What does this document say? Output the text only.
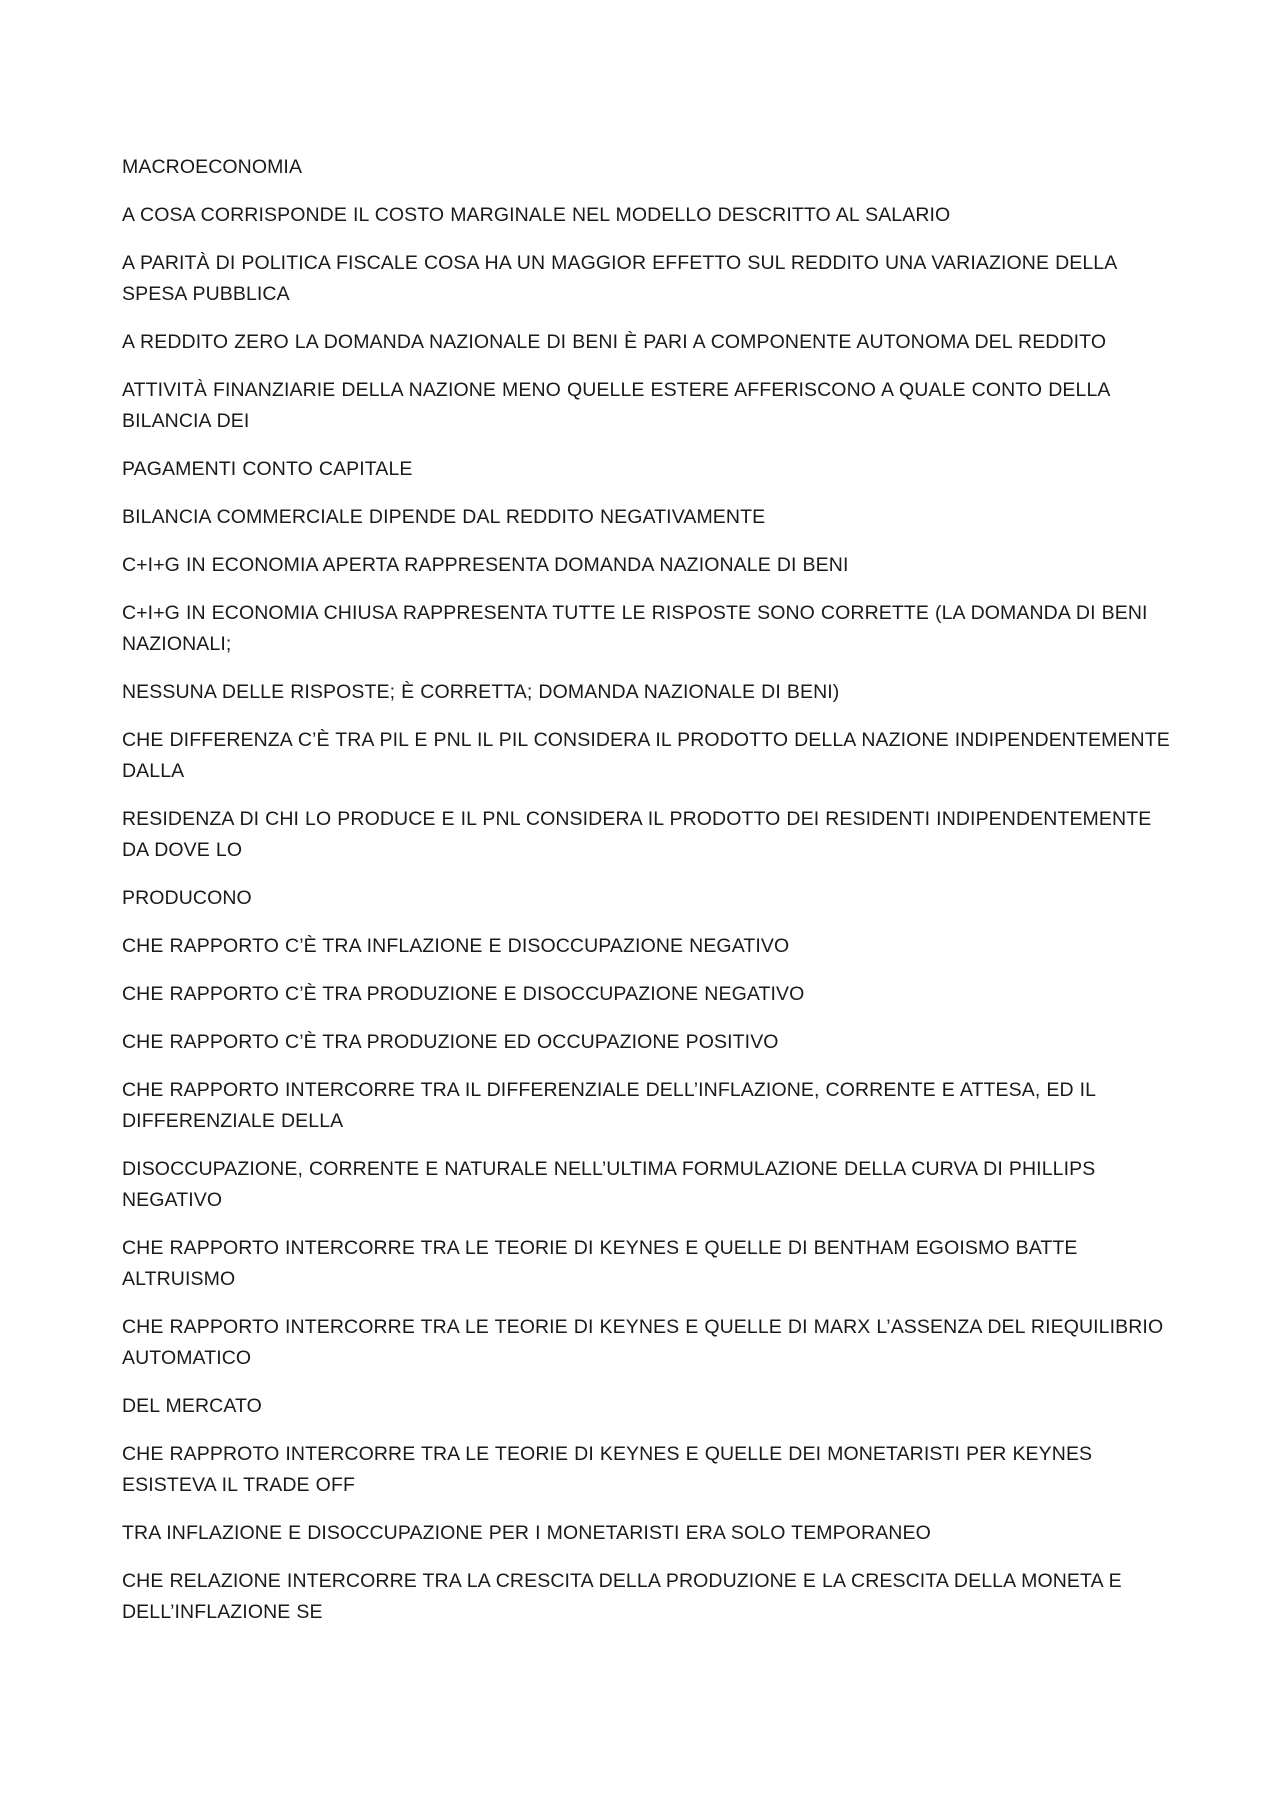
MACROECONOMIA

A COSA CORRISPONDE IL COSTO MARGINALE NEL MODELLO DESCRITTO AL SALARIO

A PARITÀ DI POLITICA FISCALE COSA HA UN MAGGIOR EFFETTO SUL REDDITO UNA VARIAZIONE DELLA SPESA PUBBLICA

A REDDITO ZERO LA DOMANDA NAZIONALE DI BENI È PARI A COMPONENTE AUTONOMA DEL REDDITO

ATTIVITÀ FINANZIARIE DELLA NAZIONE MENO QUELLE ESTERE AFFERISCONO A QUALE CONTO DELLA BILANCIA DEI

PAGAMENTI CONTO CAPITALE

BILANCIA COMMERCIALE DIPENDE DAL REDDITO NEGATIVAMENTE

C+I+G IN ECONOMIA APERTA RAPPRESENTA DOMANDA NAZIONALE DI BENI

C+I+G IN ECONOMIA CHIUSA RAPPRESENTA TUTTE LE RISPOSTE SONO CORRETTE (LA DOMANDA DI BENI NAZIONALI;

NESSUNA DELLE RISPOSTE; È CORRETTA; DOMANDA NAZIONALE DI BENI)

CHE DIFFERENZA C’È TRA PIL E PNL IL PIL CONSIDERA IL PRODOTTO DELLA NAZIONE INDIPENDENTEMENTE DALLA

RESIDENZA DI CHI LO PRODUCE E IL PNL CONSIDERA IL PRODOTTO DEI RESIDENTI INDIPENDENTEMENTE DA DOVE LO

PRODUCONO

CHE RAPPORTO C’È TRA INFLAZIONE E DISOCCUPAZIONE NEGATIVO

CHE RAPPORTO C’È TRA PRODUZIONE E DISOCCUPAZIONE NEGATIVO

CHE RAPPORTO C’È TRA PRODUZIONE ED OCCUPAZIONE POSITIVO

CHE RAPPORTO INTERCORRE TRA IL DIFFERENZIALE DELL’INFLAZIONE, CORRENTE E ATTESA, ED IL DIFFERENZIALE DELLA

DISOCCUPAZIONE, CORRENTE E NATURALE NELL’ULTIMA FORMULAZIONE DELLA CURVA DI PHILLIPS NEGATIVO

CHE RAPPORTO INTERCORRE TRA LE TEORIE DI KEYNES E QUELLE DI BENTHAM EGOISMO BATTE ALTRUISMO

CHE RAPPORTO INTERCORRE TRA LE TEORIE DI KEYNES E QUELLE DI MARX L’ASSENZA DEL RIEQUILIBRIO AUTOMATICO

DEL MERCATO

CHE RAPPROTO INTERCORRE TRA LE TEORIE DI KEYNES E QUELLE DEI MONETARISTI PER KEYNES ESISTEVA IL TRADE OFF

TRA INFLAZIONE E DISOCCUPAZIONE PER I MONETARISTI ERA SOLO TEMPORANEO

CHE RELAZIONE INTERCORRE TRA LA CRESCITA DELLA PRODUZIONE E LA CRESCITA DELLA MONETA E DELL’INFLAZIONE SE
